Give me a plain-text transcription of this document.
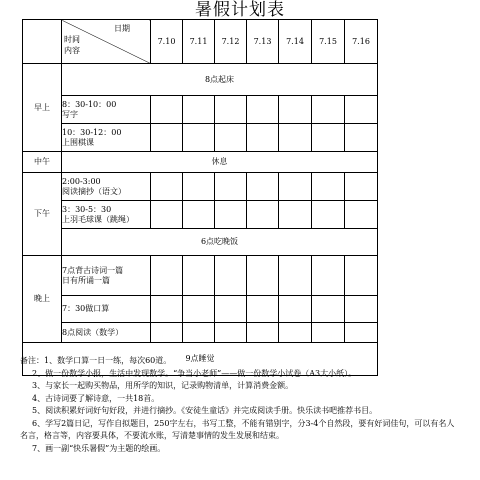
暑假计划表

	日期
时间
内容	7.10	7.11	7.12	7.13	7.14	7.15	7.16
早上	8点起床							

	8：30-10：00
写字							

	10：30-12：00
上围棋课							

中午	休息							
下午	2:00-3:00
阅读摘抄（语文）							

	3：30-5：30
上羽毛球课（跳绳）							

	6点吃晚饭							
晚上	7点背古诗词一篇
日有所诵一篇							

	7：30做口算							
	8点阅读（数学）							
9点睡觉								

备注：1、数学口算一日一练，每次60道。

2、做一份数学小报，生活中发现数学。“争当小老师”——做一份数学小试卷（A3大小纸）。

3、与家长一起购买物品，用所学的知识，记录购物清单，计算消费金额。

4、古诗词要了解诗意，一共18首。

5、阅读积累好词好句好段，并进行摘抄。《安徒生童话》并完成阅读手册。快乐读书吧推荐书目。

6、学写2篇日记，写作自拟题目，250字左右，书写工整，不能有错别字，分3-4个自然段，要有好词佳句，可以有名人名言，格言等，内容要具体，不要流水账，写清楚事情的发生发展和结束。

7、画一副“快乐暑假”为主题的绘画。
